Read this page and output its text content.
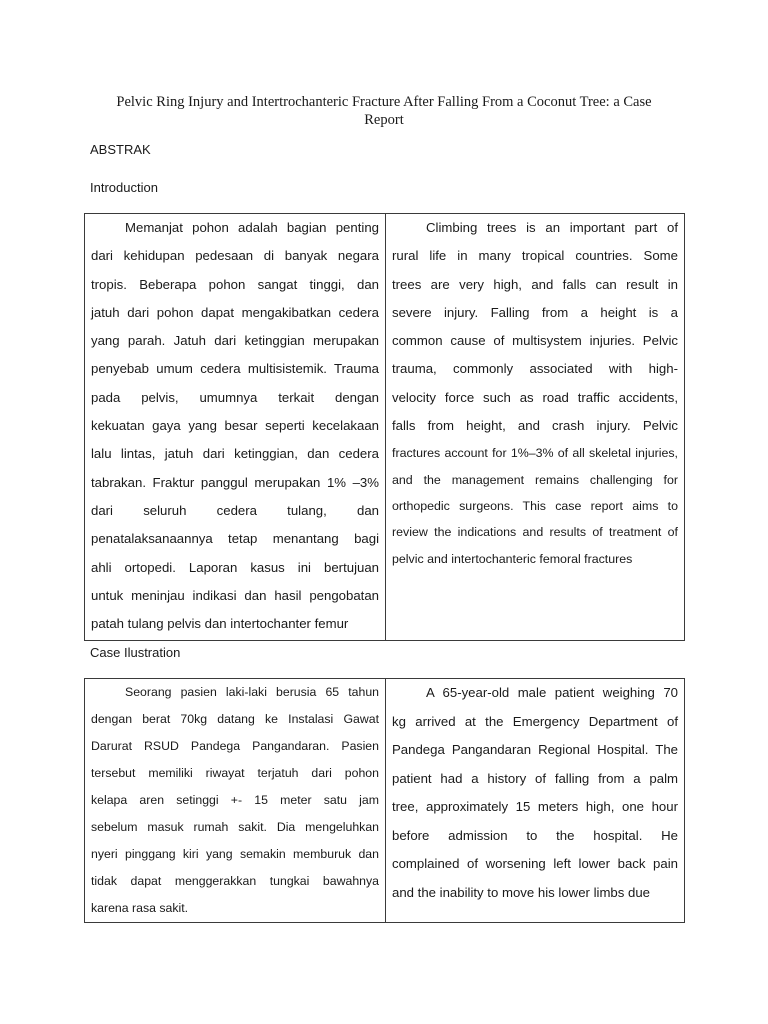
Pelvic Ring Injury and Intertrochanteric Fracture After Falling From a Coconut Tree: a Case
Report
ABSTRAK
Introduction
Memanjat pohon adalah bagian penting
dari kehidupan pedesaan di banyak negara
tropis. Beberapa pohon sangat tinggi, dan
jatuh dari pohon dapat mengakibatkan cedera
yang parah. Jatuh dari ketinggian merupakan
penyebab umum cedera multisistemik. Trauma
pada pelvis, umumnya terkait dengan
kekuatan gaya yang besar seperti kecelakaan
lalu lintas, jatuh dari ketinggian, dan cedera
tabrakan. Fraktur panggul merupakan 1% –3%
dari seluruh cedera tulang, dan
penatalaksanaannya tetap menantang bagi
ahli ortopedi. Laporan kasus ini bertujuan
untuk meninjau indikasi dan hasil pengobatan
patah tulang pelvis dan intertochanter femur

Climbing trees is an important part of
rural life in many tropical countries. Some
trees are very high, and falls can result in
severe injury. Falling from a height is a
common cause of multisystem injuries. Pelvic
trauma, commonly associated with high-
velocity force such as road traffic accidents,
falls from height, and crash injury. Pelvic
fractures account for 1%–3% of all skeletal injuries,
and the management remains challenging for
orthopedic surgeons. This case report aims to
review the indications and results of treatment of
pelvic and intertochanteric femoral fractures
Case Ilustration
Seorang pasien laki-laki berusia 65 tahun
dengan berat 70kg datang ke Instalasi Gawat
Darurat RSUD Pandega Pangandaran. Pasien
tersebut memiliki riwayat terjatuh dari pohon
kelapa aren setinggi +- 15 meter satu jam
sebelum masuk rumah sakit. Dia mengeluhkan
nyeri pinggang kiri yang semakin memburuk dan
tidak dapat menggerakkan tungkai bawahnya
karena rasa sakit.

A 65-year-old male patient weighing 70
kg arrived at the Emergency Department of
Pandega Pangandaran Regional Hospital. The
patient had a history of falling from a palm
tree, approximately 15 meters high, one hour
before admission to the hospital. He
complained of worsening left lower back pain
and the inability to move his lower limbs due
